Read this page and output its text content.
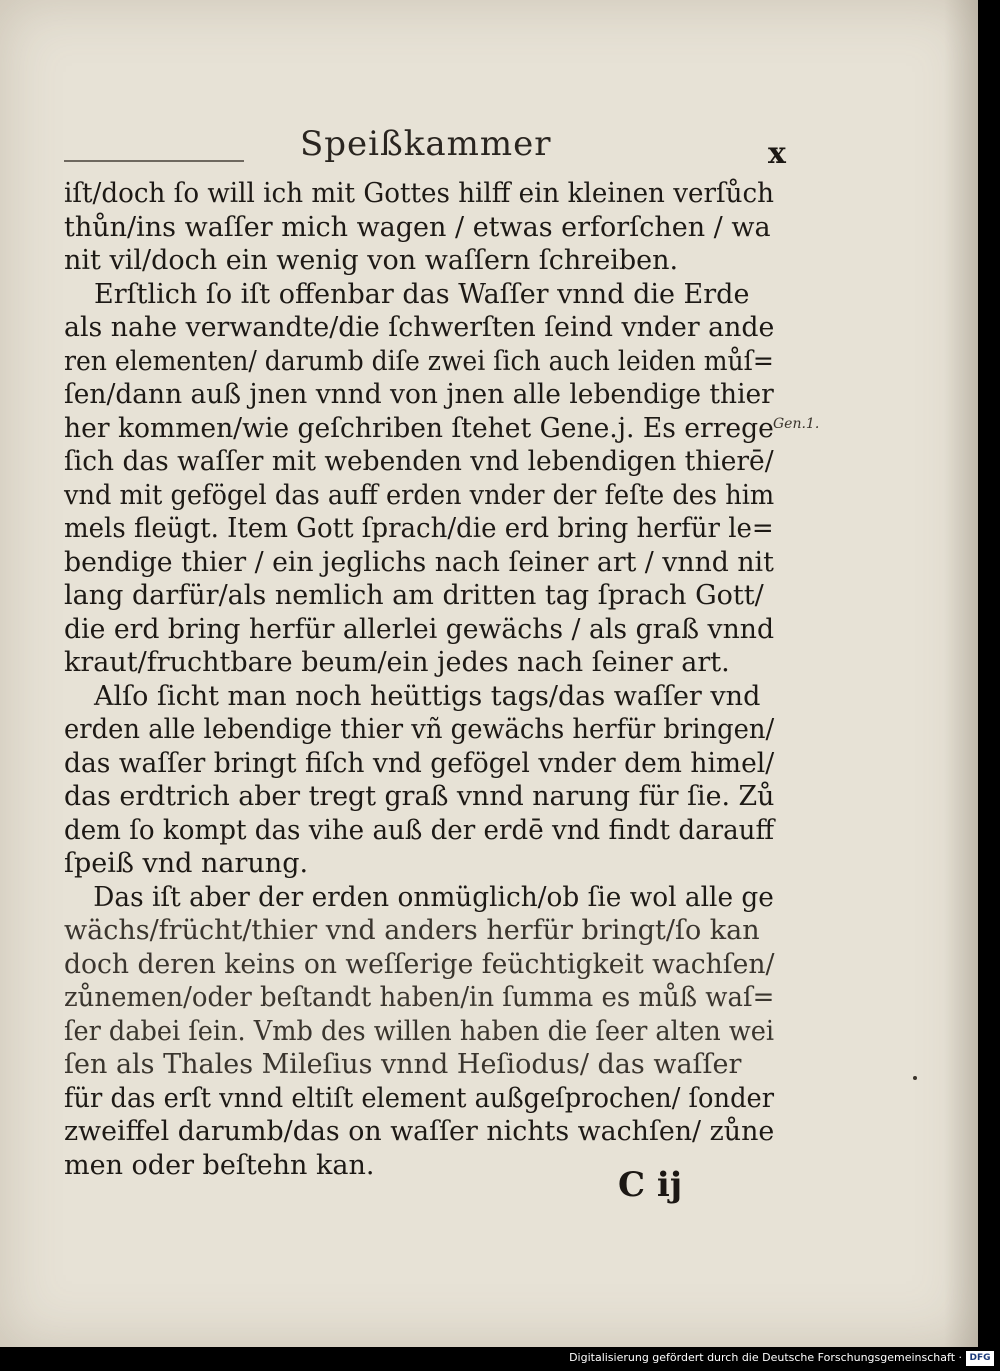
Speißkammer	x
iſt/doch ſo will ich mit Gottes hilff ein kleinen verſůch
thůn/ins waſſer mich wagen / etwas erforſchen / wa
nit vil/doch ein wenig von waſſern ſchreiben.
Erſtlich ſo iſt offenbar das Waſſer vnnd die Erde
als nahe verwandte/die ſchwerſten ſeind vnder ande
ren elementen/ darumb diſe zwei ſich auch leiden můſ=
ſen/dann auß jnen vnnd von jnen alle lebendige thier
her kommen/wie geſchriben ſtehet Gene.j. Es errege
ſich das waſſer mit webenden vnd lebendigen thierē/
vnd mit gefögel das auff erden vnder der feſte des him
mels fleügt. Item Gott ſprach/die erd bring herfür le=
bendige thier / ein jeglichs nach ſeiner art / vnnd nit
lang darfür/als nemlich am dritten tag ſprach Gott/
die erd bring herfür allerlei gewächs / als graß vnnd
kraut/fruchtbare beum/ein jedes nach ſeiner art.
Alſo ſicht man noch heüttigs tags/das waſſer vnd
erden alle lebendige thier vñ gewächs herfür bringen/
das waſſer bringt fiſch vnd gefögel vnder dem himel/
das erdtrich aber tregt graß vnnd narung für ſie. Zů
dem ſo kompt das vihe auß der erdē vnd findt darauff
ſpeiß vnd narung.
Das iſt aber der erden onmüglich/ob ſie wol alle ge
wächs/frücht/thier vnd anders herfür bringt/ſo kan
doch deren keins on weſſerige feüchtigkeit wachſen/
zůnemen/oder beſtandt haben/in ſumma es můß waſ=
ſer dabei ſein. Vmb des willen haben die ſeer alten wei
ſen als Thales Mileſius vnnd Heſiodus/ das waſſer
für das erſt vnnd eltiſt element außgeſprochen/ ſonder
zweiffel darumb/das on waſſer nichts wachſen/ zůne
men oder beſtehn kan.
Gen.1.
C ij
Digitalisierung gefördert durch die Deutsche Forschungsgemeinschaft · DFG
